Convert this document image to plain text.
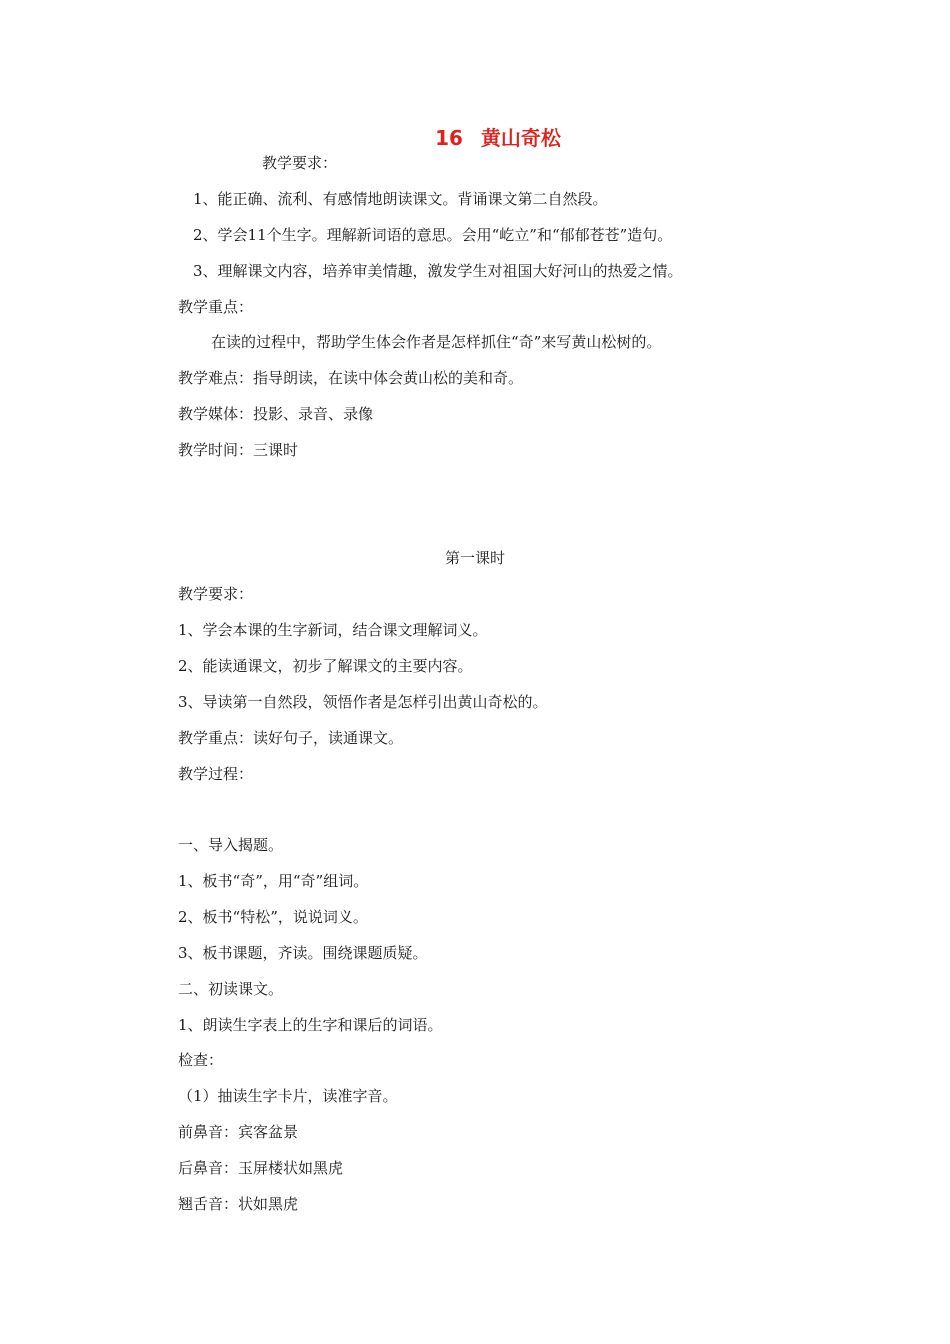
16 黄山奇松
教学要求：
1、能正确、流利、有感情地朗读课文。背诵课文第二自然段。
2、学会11个生字。理解新词语的意思。会用“屹立”和“郁郁苍苍”造句。
3、理解课文内容，培养审美情趣，激发学生对祖国大好河山的热爱之情。
教学重点：
在读的过程中，帮助学生体会作者是怎样抓住“奇”来写黄山松树的。
教学难点：指导朗读，在读中体会黄山松的美和奇。
教学媒体：投影、录音、录像
教学时间：三课时
第一课时
教学要求：
1、学会本课的生字新词，结合课文理解词义。
2、能读通课文，初步了解课文的主要内容。
3、导读第一自然段，领悟作者是怎样引出黄山奇松的。
教学重点：读好句子，读通课文。
教学过程：
一、导入揭题。
1、板书“奇”，用“奇”组词。
2、板书“特松”，说说词义。
3、板书课题，齐读。围绕课题质疑。
二、初读课文。
1、朗读生字表上的生字和课后的词语。
检查：
（1）抽读生字卡片，读准字音。
前鼻音：宾客盆景
后鼻音：玉屏楼状如黑虎
翘舌音：状如黑虎
